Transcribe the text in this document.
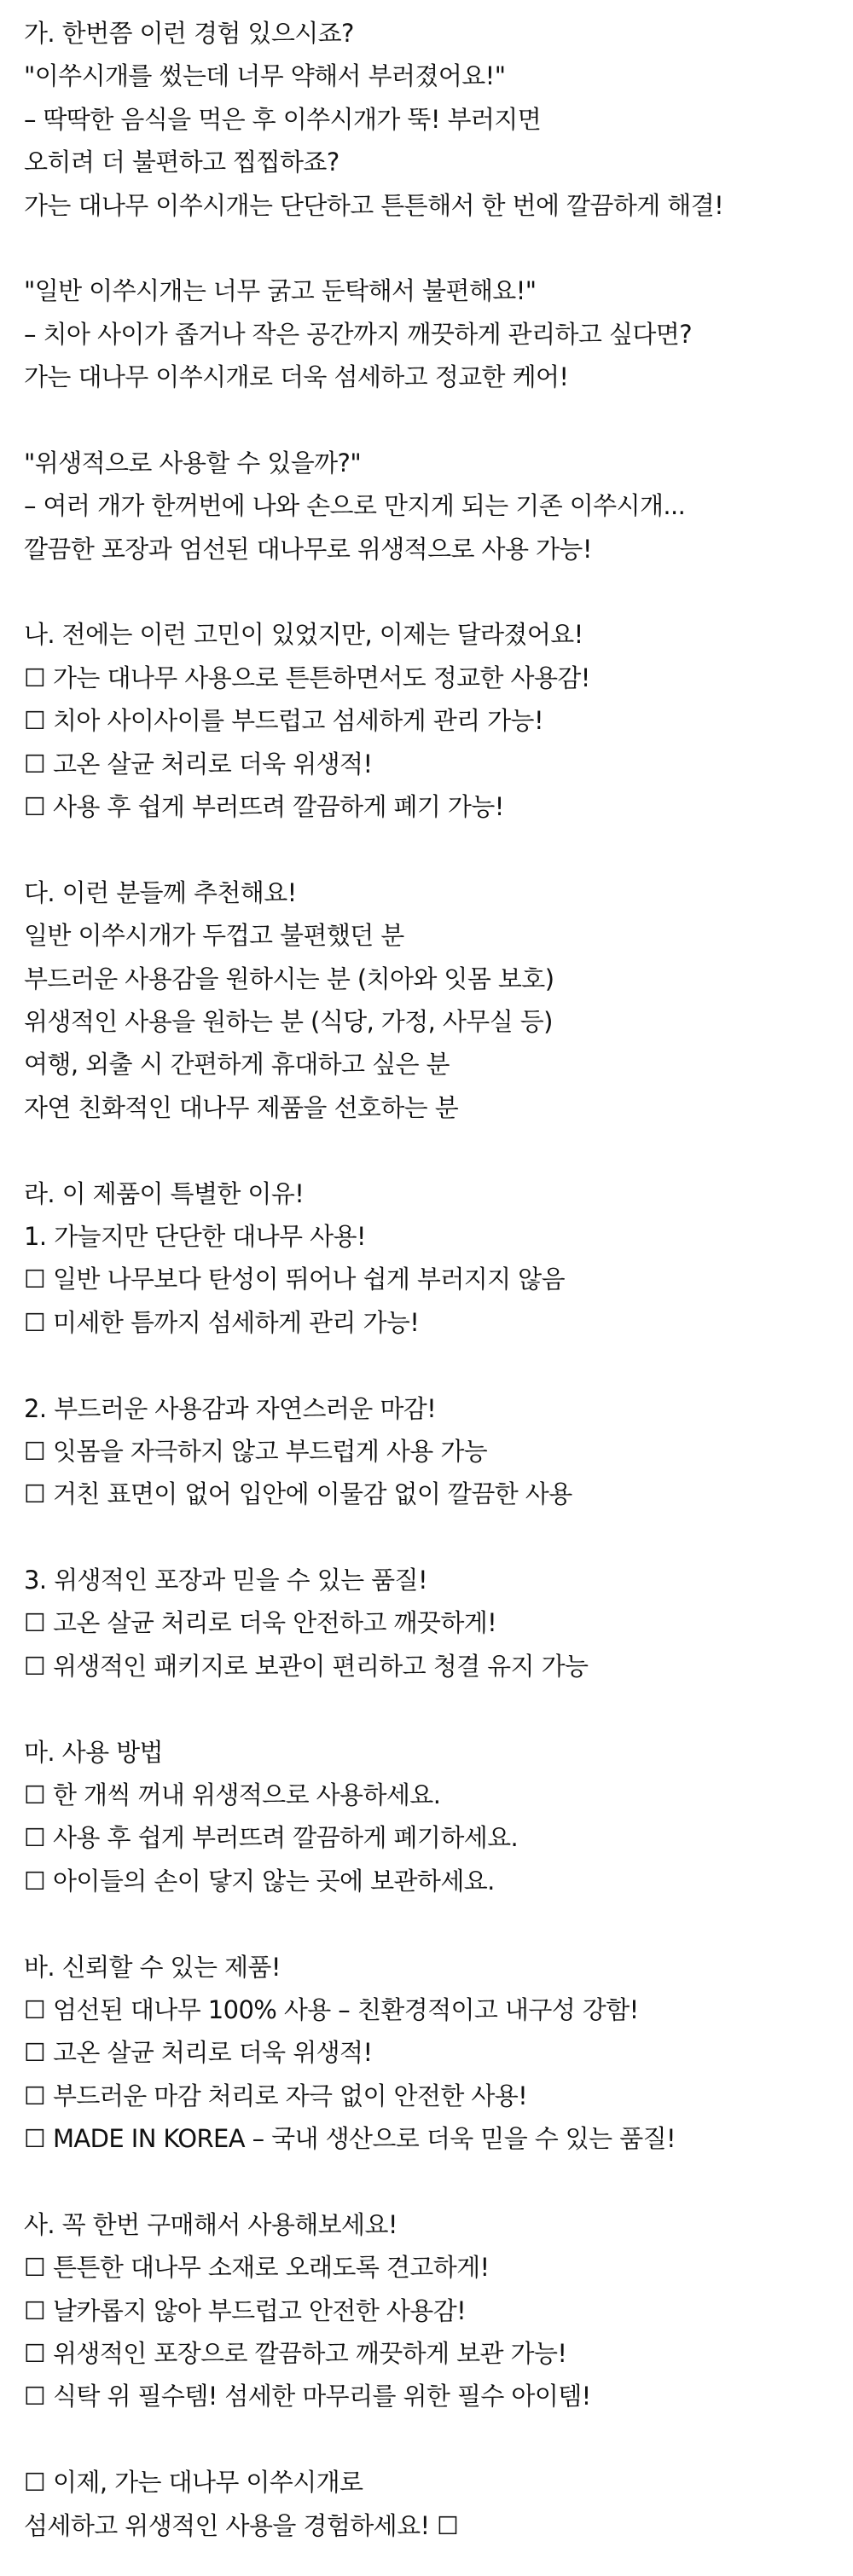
가. 한번쯤 이런 경험 있으시죠?
"이쑤시개를 썼는데 너무 약해서 부러졌어요!"
– 딱딱한 음식을 먹은 후 이쑤시개가 뚝! 부러지면
오히려 더 불편하고 찝찝하죠?
가는 대나무 이쑤시개는 단단하고 튼튼해서 한 번에 깔끔하게 해결!
"일반 이쑤시개는 너무 굵고 둔탁해서 불편해요!"
– 치아 사이가 좁거나 작은 공간까지 깨끗하게 관리하고 싶다면?
가는 대나무 이쑤시개로 더욱 섬세하고 정교한 케어!
"위생적으로 사용할 수 있을까?"
– 여러 개가 한꺼번에 나와 손으로 만지게 되는 기존 이쑤시개...
깔끔한 포장과 엄선된 대나무로 위생적으로 사용 가능!
나. 전에는 이런 고민이 있었지만, 이제는 달라졌어요!
☐ 가는 대나무 사용으로 튼튼하면서도 정교한 사용감!
☐ 치아 사이사이를 부드럽고 섬세하게 관리 가능!
☐ 고온 살균 처리로 더욱 위생적!
☐ 사용 후 쉽게 부러뜨려 깔끔하게 폐기 가능!
다. 이런 분들께 추천해요!
일반 이쑤시개가 두껍고 불편했던 분
부드러운 사용감을 원하시는 분 (치아와 잇몸 보호)
위생적인 사용을 원하는 분 (식당, 가정, 사무실 등)
여행, 외출 시 간편하게 휴대하고 싶은 분
자연 친화적인 대나무 제품을 선호하는 분
라. 이 제품이 특별한 이유!
1. 가늘지만 단단한 대나무 사용!
☐ 일반 나무보다 탄성이 뛰어나 쉽게 부러지지 않음
☐ 미세한 틈까지 섬세하게 관리 가능!
2. 부드러운 사용감과 자연스러운 마감!
☐ 잇몸을 자극하지 않고 부드럽게 사용 가능
☐ 거친 표면이 없어 입안에 이물감 없이 깔끔한 사용
3. 위생적인 포장과 믿을 수 있는 품질!
☐ 고온 살균 처리로 더욱 안전하고 깨끗하게!
☐ 위생적인 패키지로 보관이 편리하고 청결 유지 가능
마. 사용 방법
☐ 한 개씩 꺼내 위생적으로 사용하세요.
☐ 사용 후 쉽게 부러뜨려 깔끔하게 폐기하세요.
☐ 아이들의 손이 닿지 않는 곳에 보관하세요.
바. 신뢰할 수 있는 제품!
☐ 엄선된 대나무 100% 사용 – 친환경적이고 내구성 강함!
☐ 고온 살균 처리로 더욱 위생적!
☐ 부드러운 마감 처리로 자극 없이 안전한 사용!
☐ MADE IN KOREA – 국내 생산으로 더욱 믿을 수 있는 품질!
사. 꼭 한번 구매해서 사용해보세요!
☐ 튼튼한 대나무 소재로 오래도록 견고하게!
☐ 날카롭지 않아 부드럽고 안전한 사용감!
☐ 위생적인 포장으로 깔끔하고 깨끗하게 보관 가능!
☐ 식탁 위 필수템! 섬세한 마무리를 위한 필수 아이템!
☐ 이제, 가는 대나무 이쑤시개로
섬세하고 위생적인 사용을 경험하세요! ☐
